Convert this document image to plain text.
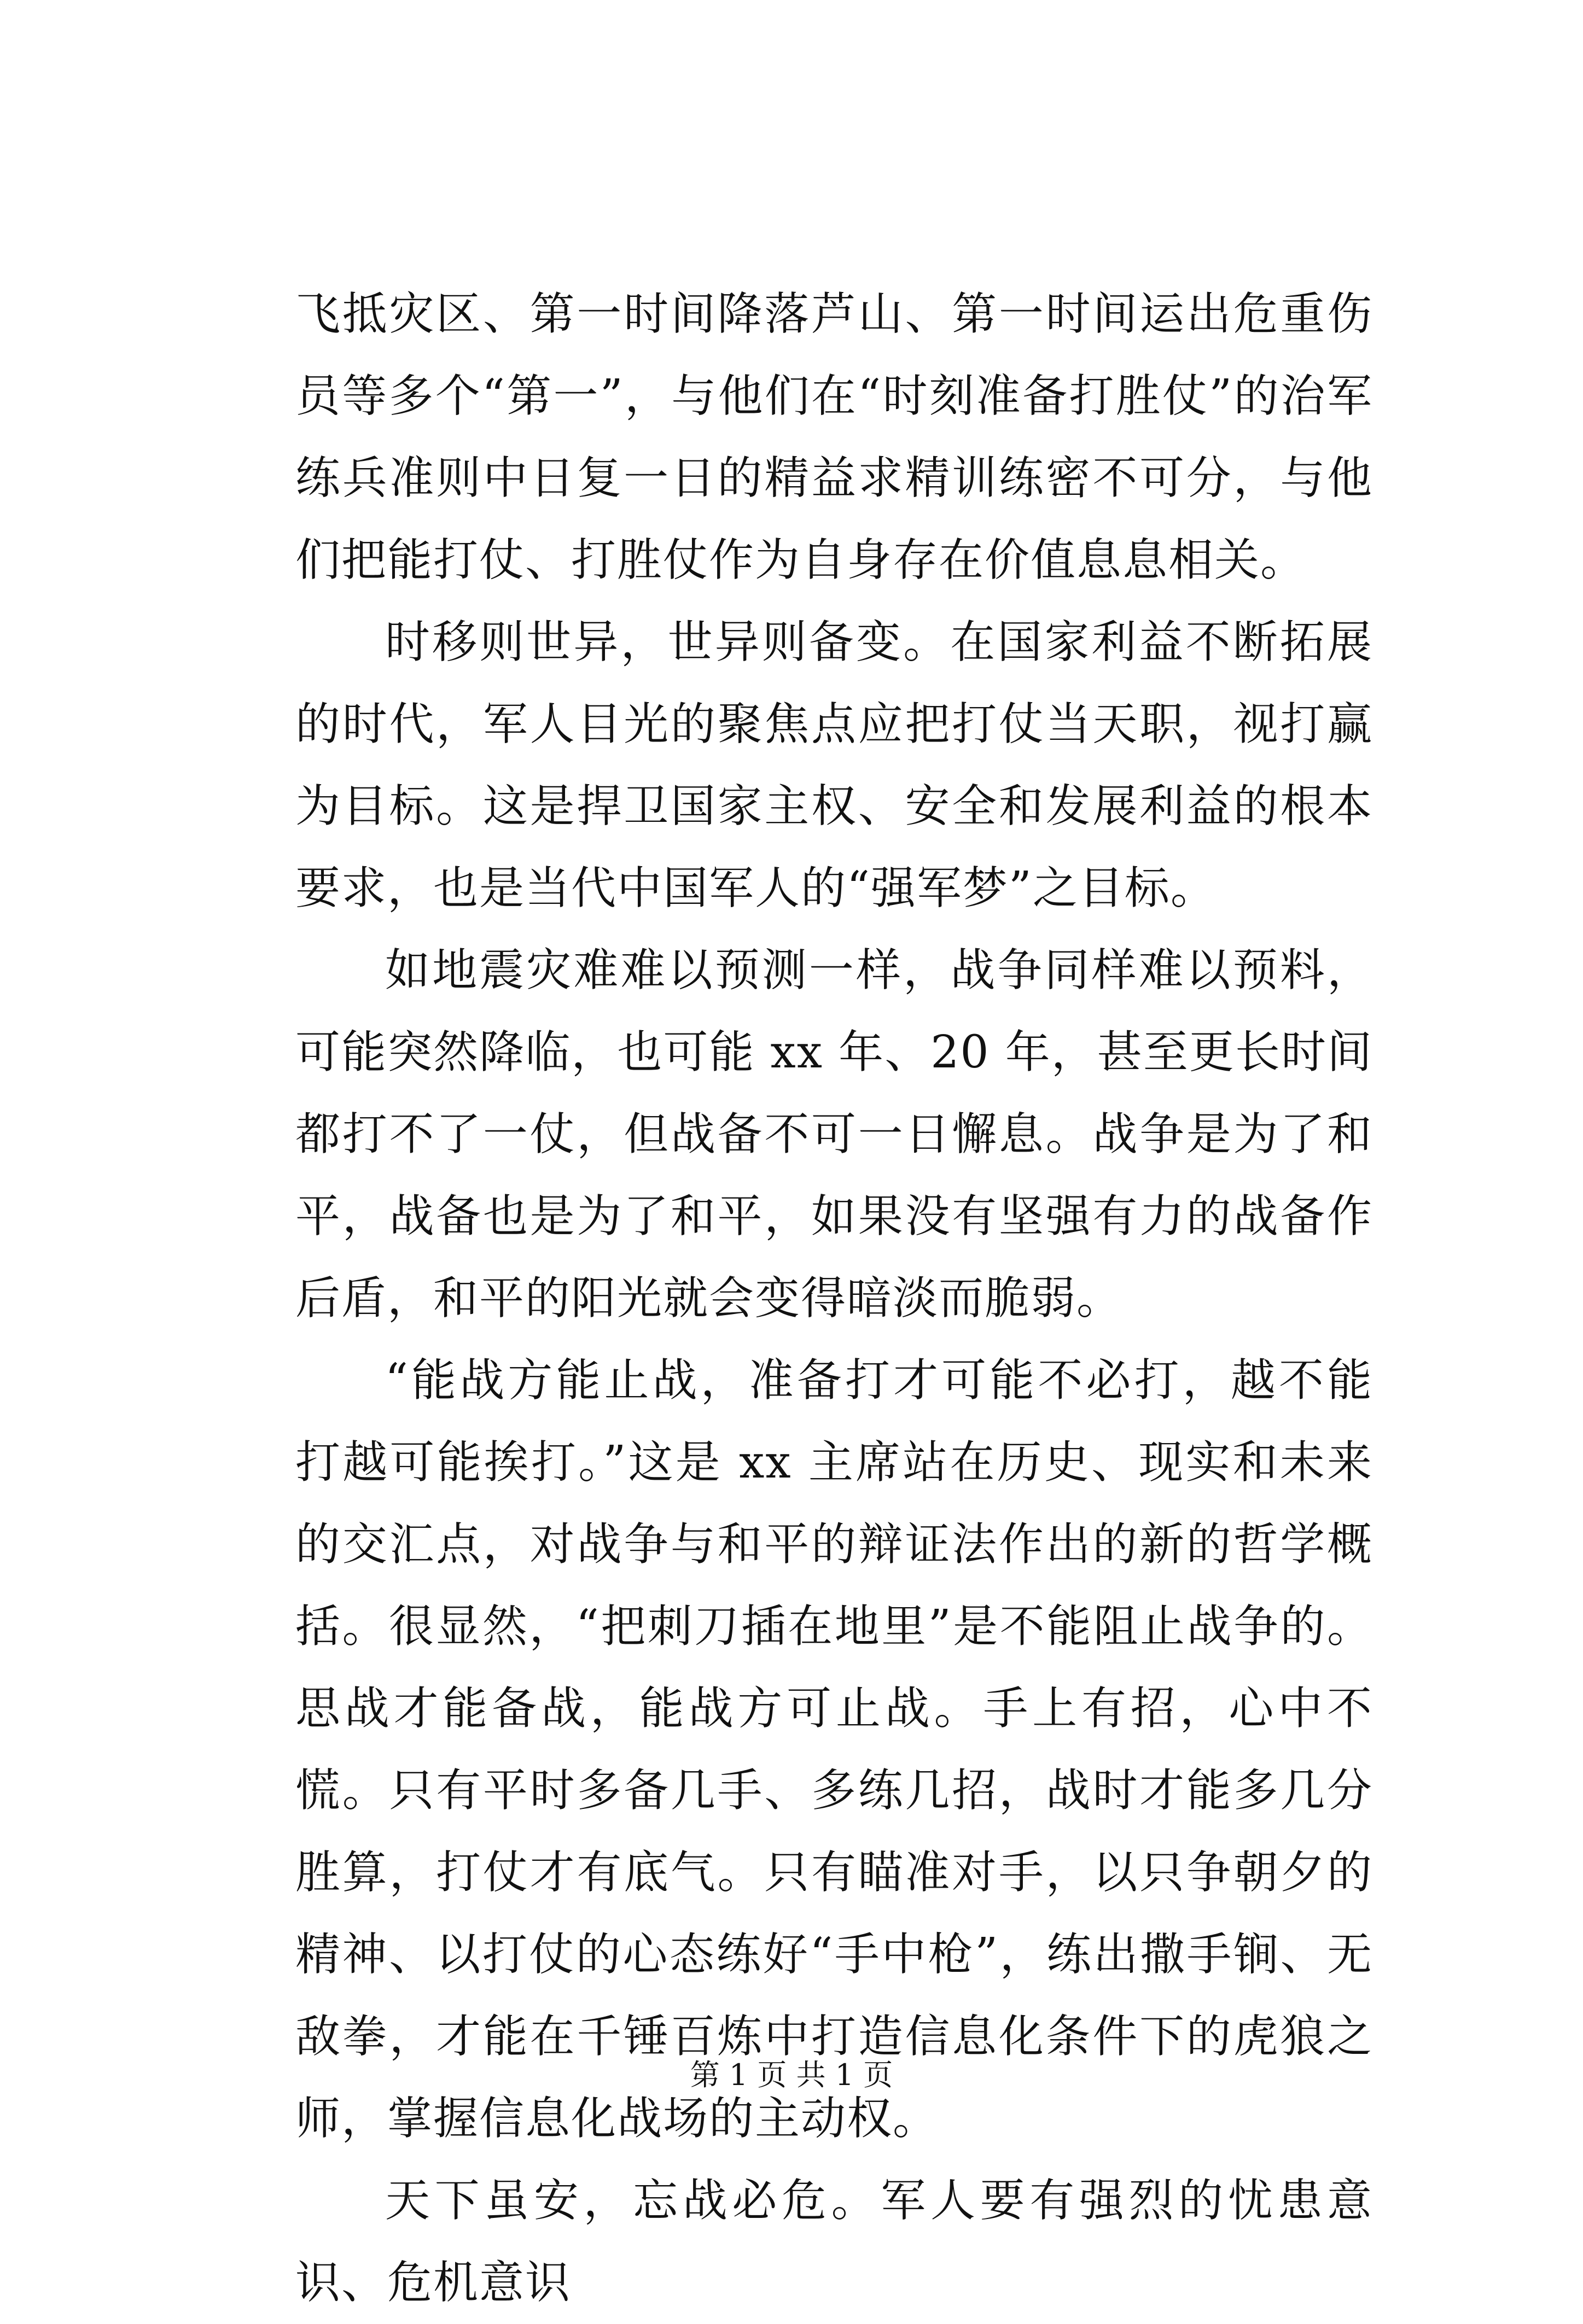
飞抵灾区、第一时间降落芦山、第一时间运出危重伤员等多个“第一”，与他们在“时刻准备打胜仗”的治军练兵准则中日复一日的精益求精训练密不可分，与他们把能打仗、打胜仗作为自身存在价值息息相关。

时移则世异，世异则备变。在国家利益不断拓展的时代，军人目光的聚焦点应把打仗当天职，视打赢为目标。这是捍卫国家主权、安全和发展利益的根本要求，也是当代中国军人的“强军梦”之目标。

如地震灾难难以预测一样，战争同样难以预料，可能突然降临，也可能 xx 年、20 年，甚至更长时间都打不了一仗，但战备不可一日懈息。战争是为了和平，战备也是为了和平，如果没有坚强有力的战备作后盾，和平的阳光就会变得暗淡而脆弱。

“能战方能止战，准备打才可能不必打，越不能打越可能挨打。”这是 xx 主席站在历史、现实和未来的交汇点，对战争与和平的辩证法作出的新的哲学概括。很显然，“把刺刀插在地里”是不能阻止战争的。思战才能备战，能战方可止战。手上有招，心中不慌。只有平时多备几手、多练几招，战时才能多几分胜算，打仗才有底气。只有瞄准对手，以只争朝夕的精神、以打仗的心态练好“手中枪”，练出撒手锏、无敌拳，才能在千锤百炼中打造信息化条件下的虎狼之师，掌握信息化战场的主动权。

天下虽安，忘战必危。军人要有强烈的忧患意识、危机意识

第 1 页 共 1 页
